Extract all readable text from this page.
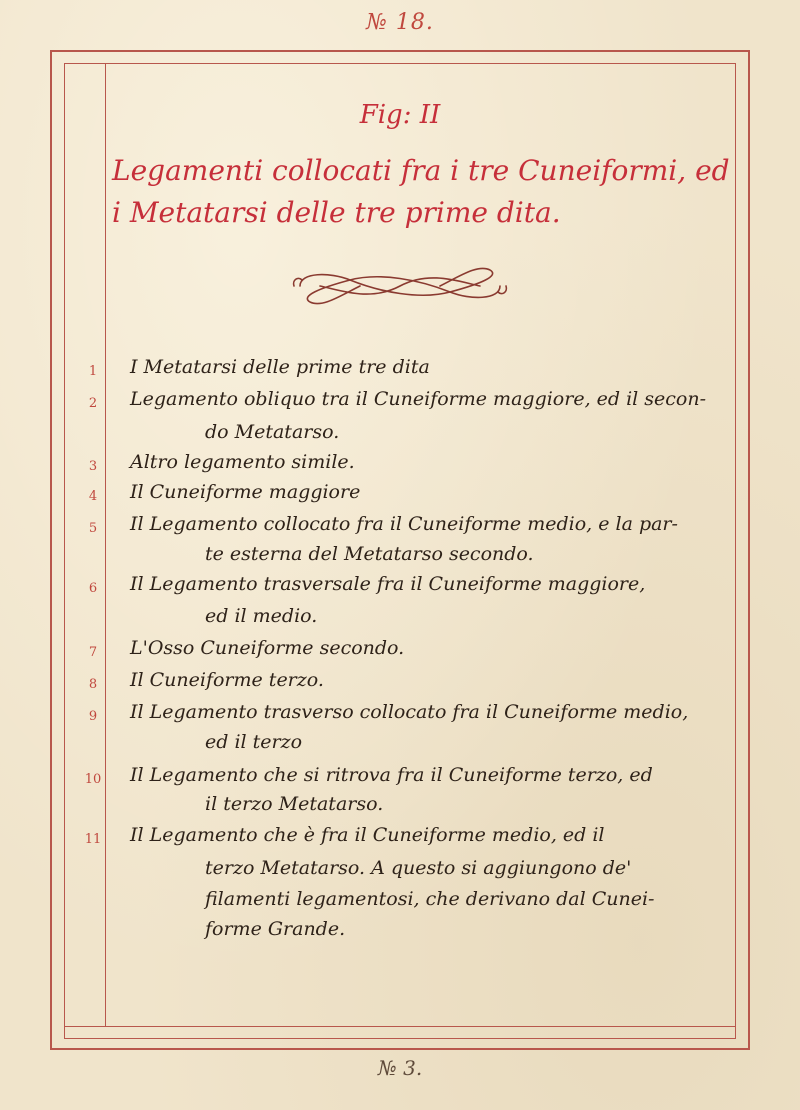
№ 18.
Fig: II
Legamenti collocati fra i tre Cuneiformi, ed
i Metatarsi delle tre prime dita.
1	I Metatarsi delle prime tre dita
2	Legamento obliquo tra il Cuneiforme maggiore, ed il secon-
do Metatarso.
3	Altro legamento simile.
4	Il Cuneiforme maggiore
5	Il Legamento collocato fra il Cuneiforme medio, e la par-
te esterna del Metatarso secondo.
6	Il Legamento trasversale fra il Cuneiforme maggiore,
ed il medio.
7	L'Osso Cuneiforme secondo.
8	Il Cuneiforme terzo.
9	Il Legamento trasverso collocato fra il Cuneiforme medio,
ed il terzo
10	Il Legamento che si ritrova fra il Cuneiforme terzo, ed
il terzo Metatarso.
11	Il Legamento che è fra il Cuneiforme medio, ed il
terzo Metatarso. A questo si aggiungono de'
filamenti legamentosi, che derivano dal Cunei-
forme Grande.
№ 3.
